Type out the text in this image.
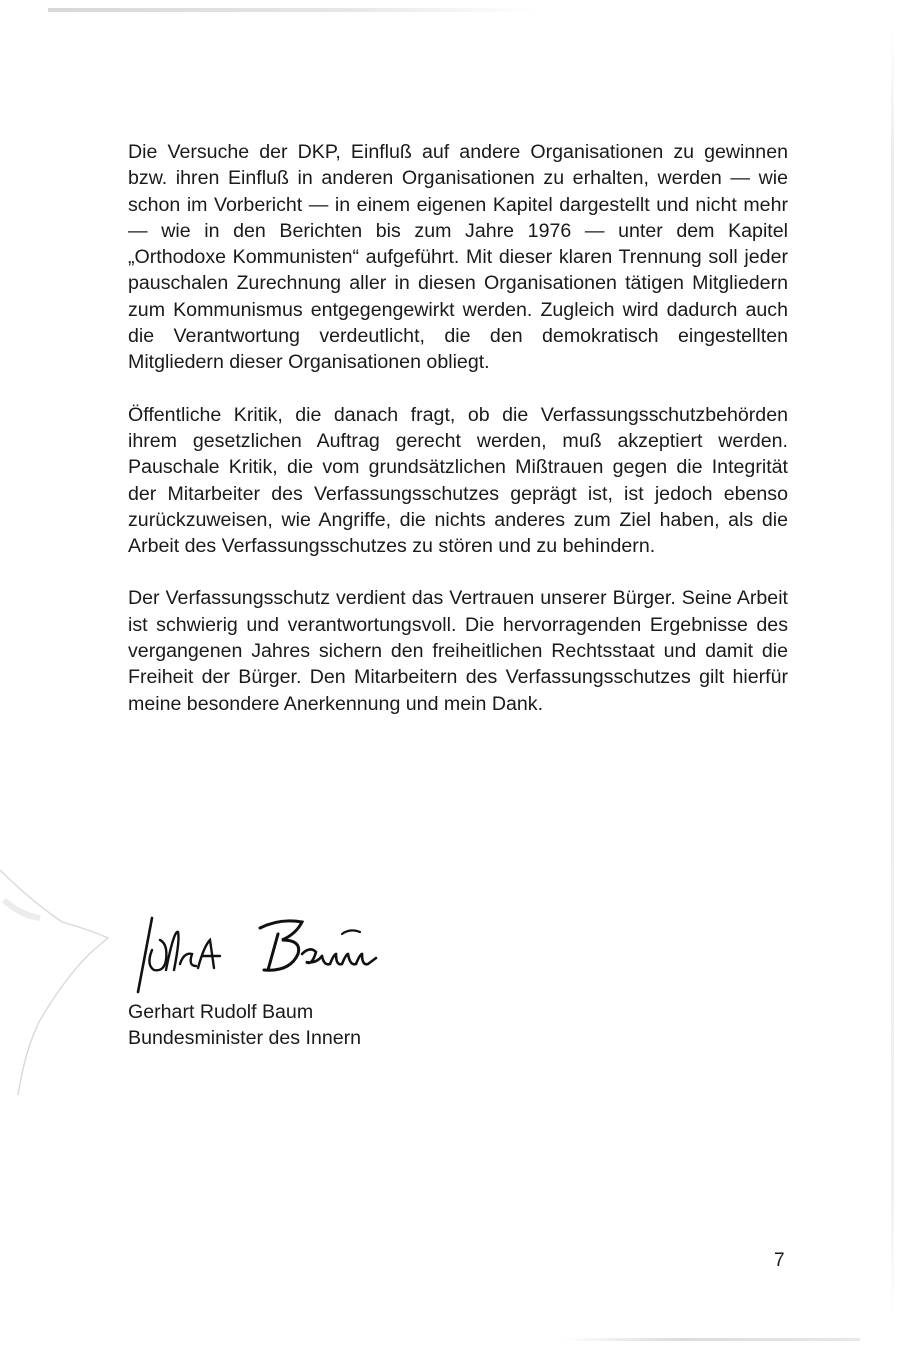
Die Versuche der DKP, Einfluß auf andere Organisationen zu gewinnen bzw. ihren Einfluß in anderen Organisationen zu erhalten, werden — wie schon im Vorbericht — in einem eigenen Kapitel dargestellt und nicht mehr — wie in den Berichten bis zum Jahre 1976 — unter dem Kapitel „Orthodoxe Kommunisten“ aufgeführt. Mit dieser klaren Trennung soll jeder pauschalen Zurechnung aller in diesen Organisationen tätigen Mitgliedern zum Kommunismus entgegengewirkt werden. Zugleich wird dadurch auch die Verantwortung verdeutlicht, die den demokratisch eingestellten Mitgliedern dieser Organisationen obliegt.

Öffentliche Kritik, die danach fragt, ob die Verfassungsschutzbehörden ihrem gesetzlichen Auftrag gerecht werden, muß akzeptiert werden. Pauschale Kritik, die vom grundsätzlichen Mißtrauen gegen die Integrität der Mitarbeiter des Verfassungsschutzes geprägt ist, ist jedoch ebenso zurückzuweisen, wie Angriffe, die nichts anderes zum Ziel haben, als die Arbeit des Verfassungsschutzes zu stören und zu behindern.

Der Verfassungsschutz verdient das Vertrauen unserer Bürger. Seine Arbeit ist schwierig und verantwortungsvoll. Die hervorragenden Ergebnisse des vergangenen Jahres sichern den freiheitlichen Rechtsstaat und damit die Freiheit der Bürger. Den Mitarbeitern des Verfassungsschutzes gilt hierfür meine besondere Anerkennung und mein Dank.

Gerhart Baum
Gerhart Rudolf Baum
Bundesminister des Innern
7
